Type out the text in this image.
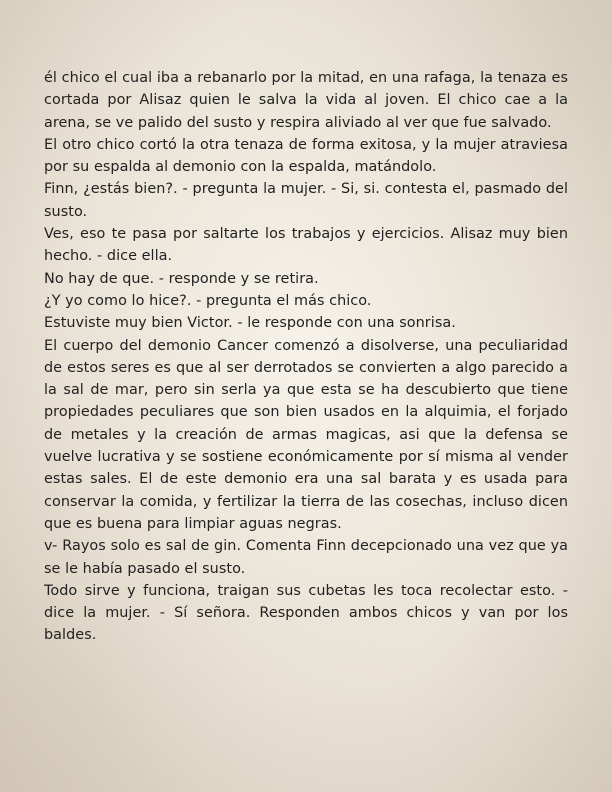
él chico el cual iba a rebanarlo por la mitad, en una rafaga, la tenaza es cortada por Alisaz quien le salva la vida al joven. El chico cae a la arena, se ve palido del susto y respira aliviado al ver que fue salvado.

El otro chico cortó la otra tenaza de forma exitosa, y la mujer atraviesa por su espalda al demonio con la espalda, matándolo.

Finn, ¿estás bien?. - pregunta la mujer. - Si, si. contesta el, pasmado del susto.

Ves, eso te pasa por saltarte los trabajos y ejercicios. Alisaz muy bien hecho. - dice ella.

No hay de que. - responde y se retira.

¿Y yo como lo hice?. - pregunta el más chico.

Estuviste muy bien Victor. - le responde con una sonrisa.

El cuerpo del demonio Cancer comenzó a disolverse, una peculiaridad de estos seres es que al ser derrotados se convierten a algo parecido a la sal de mar, pero sin serla ya que esta se ha descubierto que tiene propiedades peculiares que son bien usados en la alquimia, el forjado de metales y la creación de armas magicas, asi que la defensa se vuelve lucrativa y se sostiene económicamente por sí misma al vender estas sales. El de este demonio era una sal barata y es usada para conservar la comida, y fertilizar la tierra de las cosechas, incluso dicen que es buena para limpiar aguas negras.

v- Rayos solo es sal de gin. Comenta Finn decepcionado una vez que ya se le había pasado el susto.

Todo sirve y funciona, traigan sus cubetas les toca recolectar esto. - dice la mujer. - Sí señora. Responden ambos chicos y van por los baldes.
